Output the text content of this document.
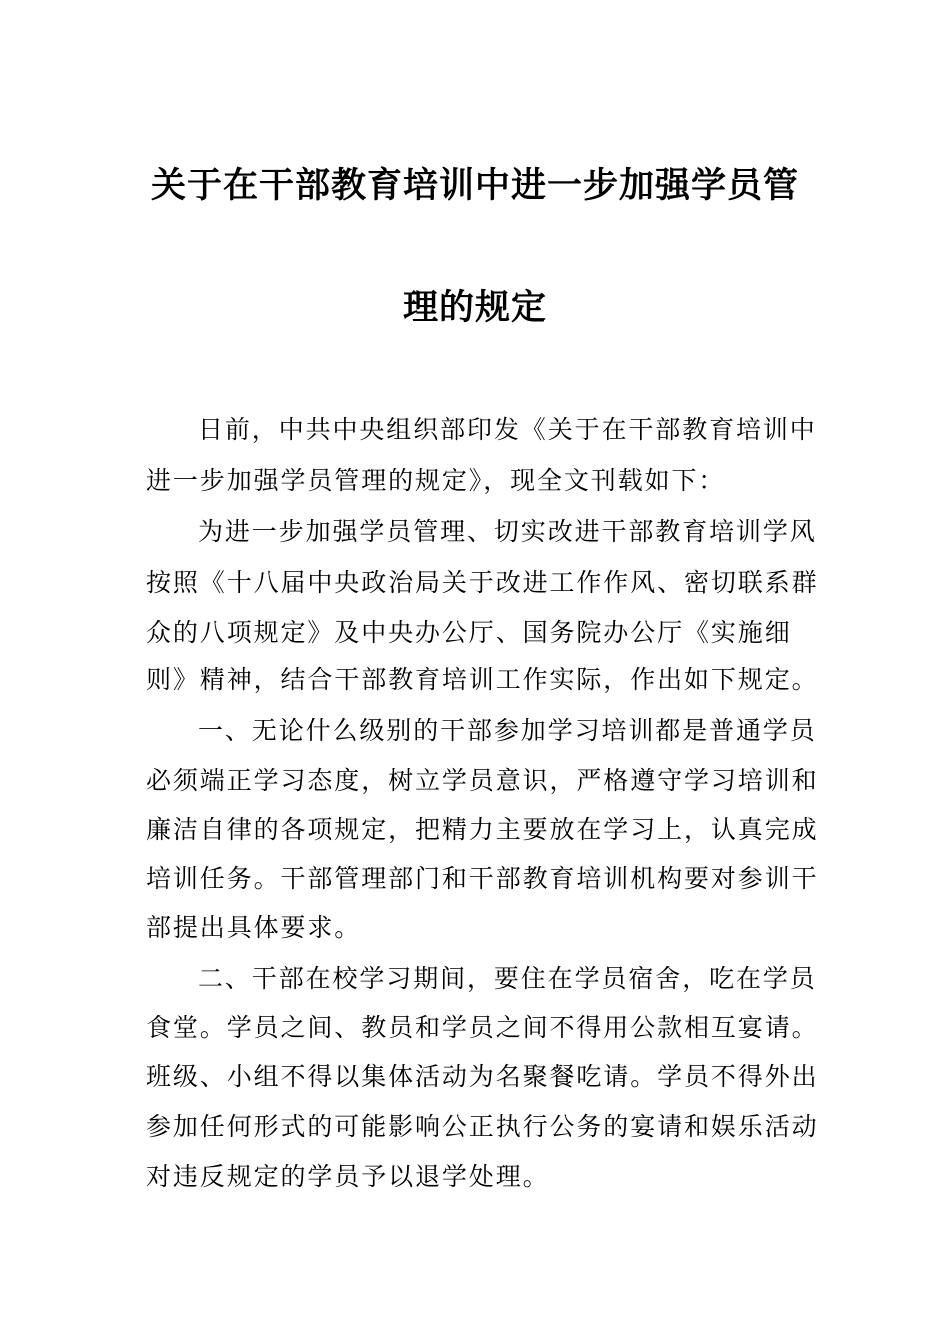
关于在干部教育培训中进一步加强学员管
理的规定
日前，中共中央组织部印发《关于在干部教育培训中
进一步加强学员管理的规定》，现全文刊载如下：
为进一步加强学员管理、切实改进干部教育培训学风
按照《十八届中央政治局关于改进工作作风、密切联系群
众的八项规定》及中央办公厅、国务院办公厅《实施细
则》精神，结合干部教育培训工作实际，作出如下规定。
一、无论什么级别的干部参加学习培训都是普通学员
必须端正学习态度，树立学员意识，严格遵守学习培训和
廉洁自律的各项规定，把精力主要放在学习上，认真完成
培训任务。干部管理部门和干部教育培训机构要对参训干
部提出具体要求。
二、干部在校学习期间，要住在学员宿舍，吃在学员
食堂。学员之间、教员和学员之间不得用公款相互宴请。
班级、小组不得以集体活动为名聚餐吃请。学员不得外出
参加任何形式的可能影响公正执行公务的宴请和娱乐活动
对违反规定的学员予以退学处理。
